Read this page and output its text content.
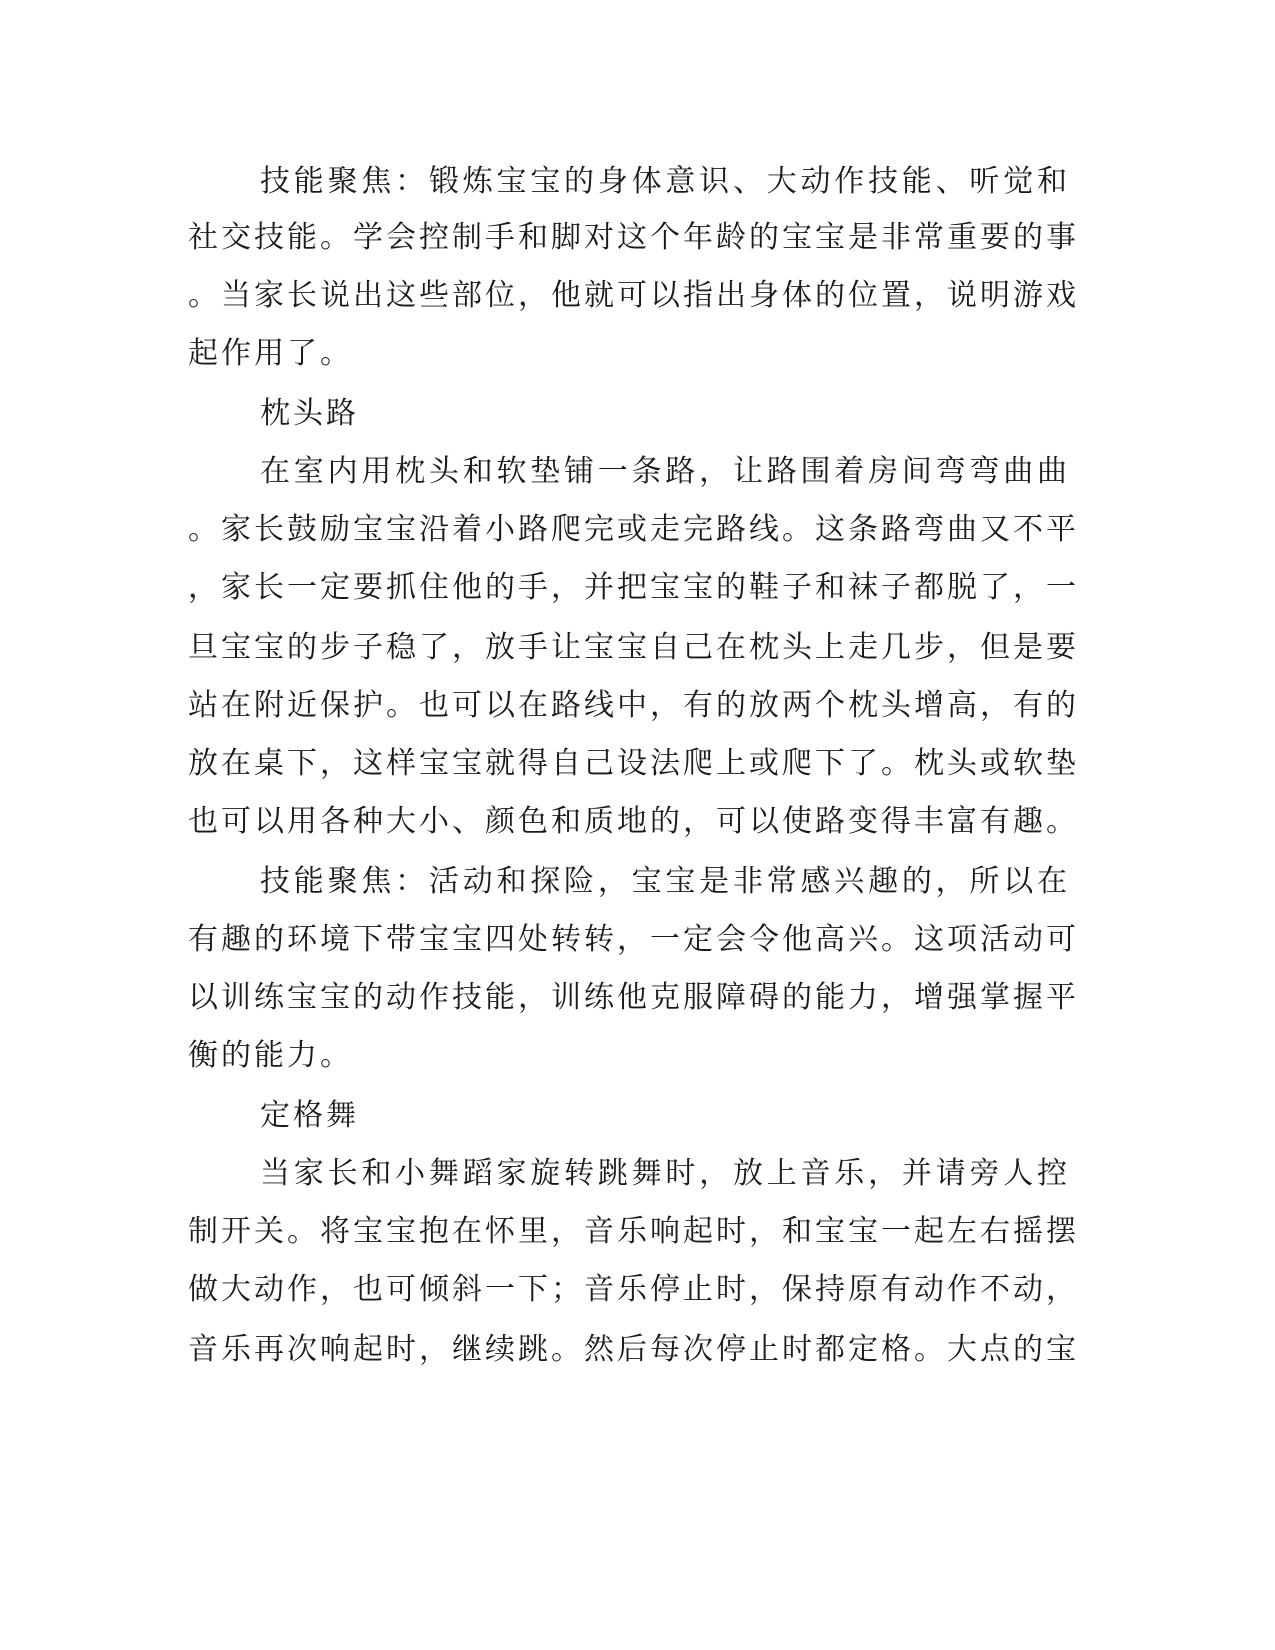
技能聚焦：锻炼宝宝的身体意识、大动作技能、听觉和
社交技能。学会控制手和脚对这个年龄的宝宝是非常重要的事
。当家长说出这些部位，他就可以指出身体的位置，说明游戏
起作用了。
枕头路
在室内用枕头和软垫铺一条路，让路围着房间弯弯曲曲
。家长鼓励宝宝沿着小路爬完或走完路线。这条路弯曲又不平
，家长一定要抓住他的手，并把宝宝的鞋子和袜子都脱了，一
旦宝宝的步子稳了，放手让宝宝自己在枕头上走几步，但是要
站在附近保护。也可以在路线中，有的放两个枕头增高，有的
放在桌下，这样宝宝就得自己设法爬上或爬下了。枕头或软垫
也可以用各种大小、颜色和质地的，可以使路变得丰富有趣。
技能聚焦：活动和探险，宝宝是非常感兴趣的，所以在
有趣的环境下带宝宝四处转转，一定会令他高兴。这项活动可
以训练宝宝的动作技能，训练他克服障碍的能力，增强掌握平
衡的能力。
定格舞
当家长和小舞蹈家旋转跳舞时，放上音乐，并请旁人控
制开关。将宝宝抱在怀里，音乐响起时，和宝宝一起左右摇摆
做大动作，也可倾斜一下；音乐停止时，保持原有动作不动，
音乐再次响起时，继续跳。然后每次停止时都定格。大点的宝
